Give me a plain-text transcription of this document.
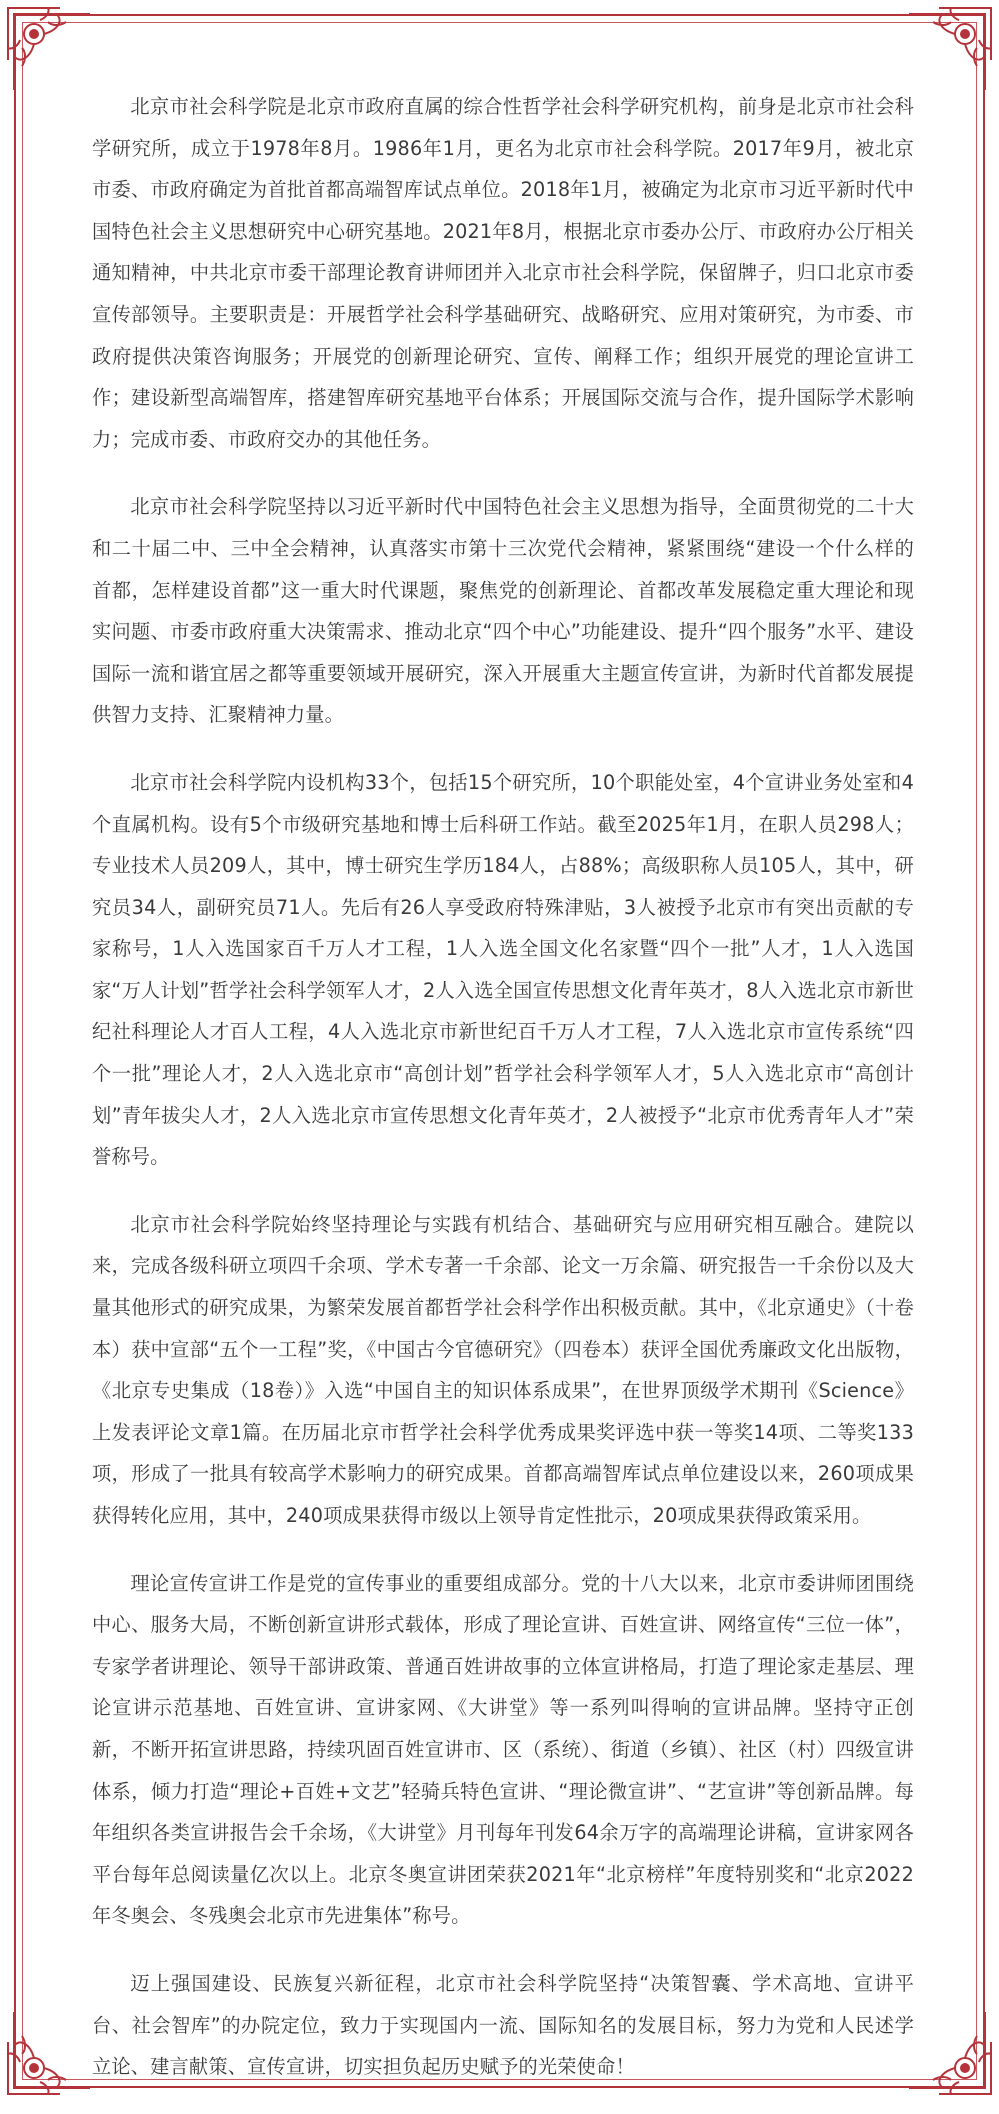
北京市社会科学院是北京市政府直属的综合性哲学社会科学研究机构，前身是北京市社会科学研究所，成立于1978年8月。1986年1月，更名为北京市社会科学院。2017年9月，被北京市委、市政府确定为首批首都高端智库试点单位。2018年1月，被确定为北京市习近平新时代中国特色社会主义思想研究中心研究基地。2021年8月，根据北京市委办公厅、市政府办公厅相关通知精神，中共北京市委干部理论教育讲师团并入北京市社会科学院，保留牌子，归口北京市委宣传部领导。主要职责是：开展哲学社会科学基础研究、战略研究、应用对策研究，为市委、市政府提供决策咨询服务；开展党的创新理论研究、宣传、阐释工作；组织开展党的理论宣讲工作；建设新型高端智库，搭建智库研究基地平台体系；开展国际交流与合作，提升国际学术影响力；完成市委、市政府交办的其他任务。

北京市社会科学院坚持以习近平新时代中国特色社会主义思想为指导，全面贯彻党的二十大和二十届二中、三中全会精神，认真落实市第十三次党代会精神，紧紧围绕“建设一个什么样的首都，怎样建设首都”这一重大时代课题，聚焦党的创新理论、首都改革发展稳定重大理论和现实问题、市委市政府重大决策需求、推动北京“四个中心”功能建设、提升“四个服务”水平、建设国际一流和谐宜居之都等重要领域开展研究，深入开展重大主题宣传宣讲，为新时代首都发展提供智力支持、汇聚精神力量。

北京市社会科学院内设机构33个，包括15个研究所，10个职能处室，4个宣讲业务处室和4个直属机构。设有5个市级研究基地和博士后科研工作站。截至2025年1月，在职人员298人；专业技术人员209人，其中，博士研究生学历184人，占88%；高级职称人员105人，其中，研究员34人，副研究员71人。先后有26人享受政府特殊津贴，3人被授予北京市有突出贡献的专家称号，1人入选国家百千万人才工程，1人入选全国文化名家暨“四个一批”人才，1人入选国家“万人计划”哲学社会科学领军人才，2人入选全国宣传思想文化青年英才，8人入选北京市新世纪社科理论人才百人工程，4人入选北京市新世纪百千万人才工程，7人入选北京市宣传系统“四个一批”理论人才，2人入选北京市“高创计划”哲学社会科学领军人才，5人入选北京市“高创计划”青年拔尖人才，2人入选北京市宣传思想文化青年英才，2人被授予“北京市优秀青年人才”荣誉称号。

北京市社会科学院始终坚持理论与实践有机结合、基础研究与应用研究相互融合。建院以来，完成各级科研立项四千余项、学术专著一千余部、论文一万余篇、研究报告一千余份以及大量其他形式的研究成果，为繁荣发展首都哲学社会科学作出积极贡献。其中，《北京通史》（十卷本）获中宣部“五个一工程”奖，《中国古今官德研究》（四卷本）获评全国优秀廉政文化出版物，《北京专史集成（18卷）》入选“中国自主的知识体系成果”，在世界顶级学术期刊《Science》上发表评论文章1篇。在历届北京市哲学社会科学优秀成果奖评选中获一等奖14项、二等奖133项，形成了一批具有较高学术影响力的研究成果。首都高端智库试点单位建设以来，260项成果获得转化应用，其中，240项成果获得市级以上领导肯定性批示，20项成果获得政策采用。

理论宣传宣讲工作是党的宣传事业的重要组成部分。党的十八大以来，北京市委讲师团围绕中心、服务大局，不断创新宣讲形式载体，形成了理论宣讲、百姓宣讲、网络宣传“三位一体”，专家学者讲理论、领导干部讲政策、普通百姓讲故事的立体宣讲格局，打造了理论家走基层、理论宣讲示范基地、百姓宣讲、宣讲家网、《大讲堂》等一系列叫得响的宣讲品牌。坚持守正创新，不断开拓宣讲思路，持续巩固百姓宣讲市、区（系统）、街道（乡镇）、社区（村）四级宣讲体系，倾力打造“理论+百姓+文艺”轻骑兵特色宣讲、“理论微宣讲”、“艺宣讲”等创新品牌。每年组织各类宣讲报告会千余场，《大讲堂》月刊每年刊发64余万字的高端理论讲稿，宣讲家网各平台每年总阅读量亿次以上。北京冬奥宣讲团荣获2021年“北京榜样”年度特别奖和“北京2022年冬奥会、冬残奥会北京市先进集体”称号。

迈上强国建设、民族复兴新征程，北京市社会科学院坚持“决策智囊、学术高地、宣讲平台、社会智库”的办院定位，致力于实现国内一流、国际知名的发展目标，努力为党和人民述学立论、建言献策、宣传宣讲，切实担负起历史赋予的光荣使命！
